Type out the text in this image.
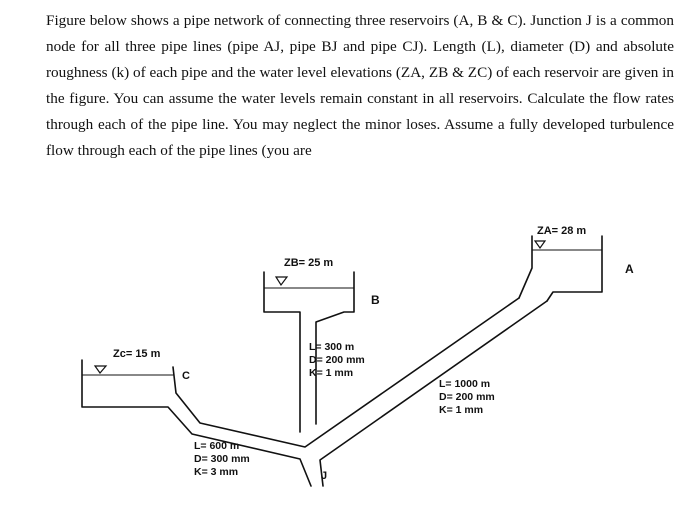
Figure below shows a pipe network of connecting three reservoirs (A, B & C). Junction J is a common node for all three pipe lines (pipe AJ, pipe BJ and pipe CJ). Length (L), diameter (D) and absolute roughness (k) of each pipe and the water level elevations (ZA, ZB & ZC) of each reservoir are given in the figure. You can assume the water levels remain constant in all reservoirs. Calculate the flow rates through each of the pipe line. You may neglect the minor loses. Assume a fully developed turbulence flow through each of the pipe lines (you are

ZA= 28 m
A
ZB= 25 m
B
Zc= 15 m
C
J
L= 300 m
D= 200 mm
K= 1 mm
L= 1000 m
D= 200 mm
K= 1 mm
L= 600 m
D= 300 mm
K= 3 mm
